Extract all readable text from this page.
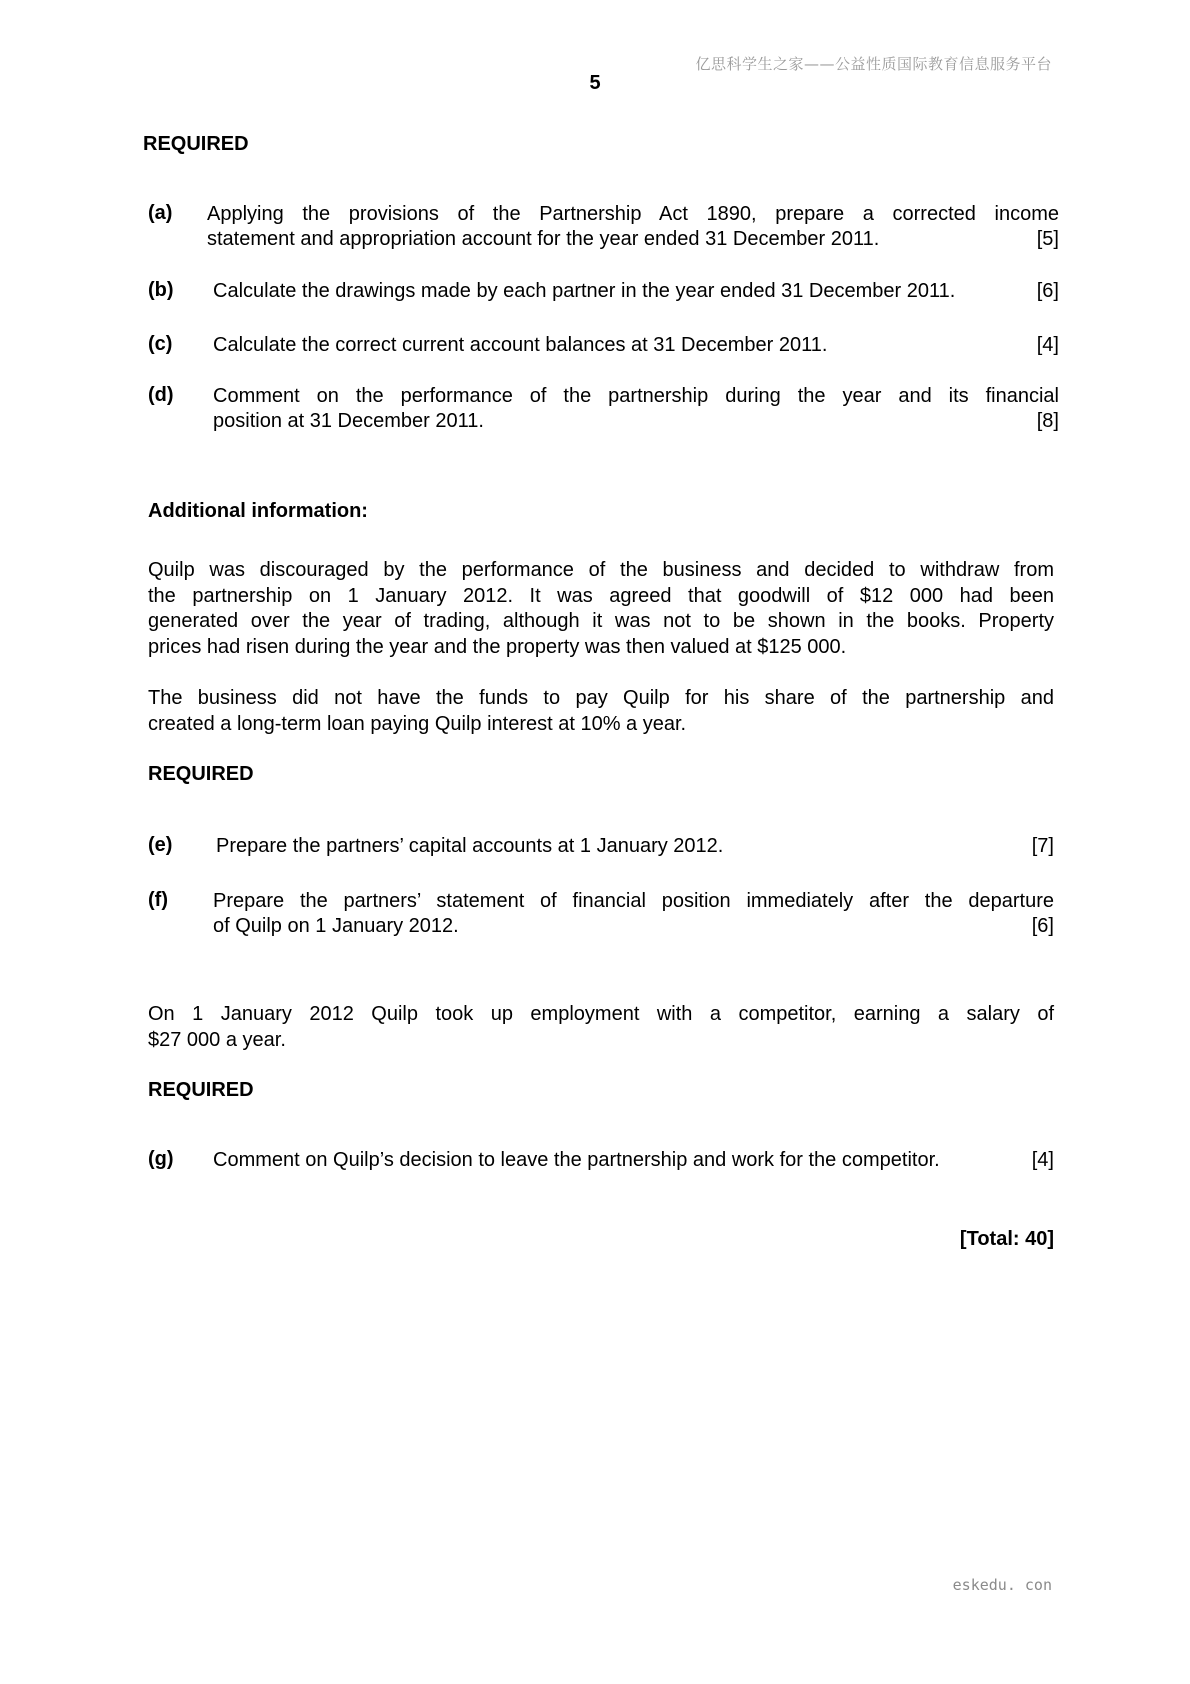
亿思科学生之家——公益性质国际教育信息服务平台
5
REQUIRED
(a) Applying the provisions of the Partnership Act 1890, prepare a corrected income
statement and appropriation account for the year ended 31 December 2011.	[5]
(b) Calculate the drawings made by each partner in the year ended 31 December 2011.	[6]
(c) Calculate the correct current account balances at 31 December 2011.	[4]
(d) Comment on the performance of the partnership during the year and its financial
position at 31 December 2011.	[8]
Additional information:
Quilp was discouraged by the performance of the business and decided to withdraw from
the partnership on 1 January 2012. It was agreed that goodwill of $12 000 had been
generated over the year of trading, although it was not to be shown in the books. Property
prices had risen during the year and the property was then valued at $125 000.
The business did not have the funds to pay Quilp for his share of the partnership and
created a long-term loan paying Quilp interest at 10% a year.
REQUIRED
(e) Prepare the partners’ capital accounts at 1 January 2012.	[7]
(f) Prepare the partners’ statement of financial position immediately after the departure
of Quilp on 1 January 2012.	[6]
On 1 January 2012 Quilp took up employment with a competitor, earning a salary of
$27 000 a year.
REQUIRED
(g) Comment on Quilp’s decision to leave the partnership and work for the competitor.	[4]
[Total: 40]
eskedu. con
